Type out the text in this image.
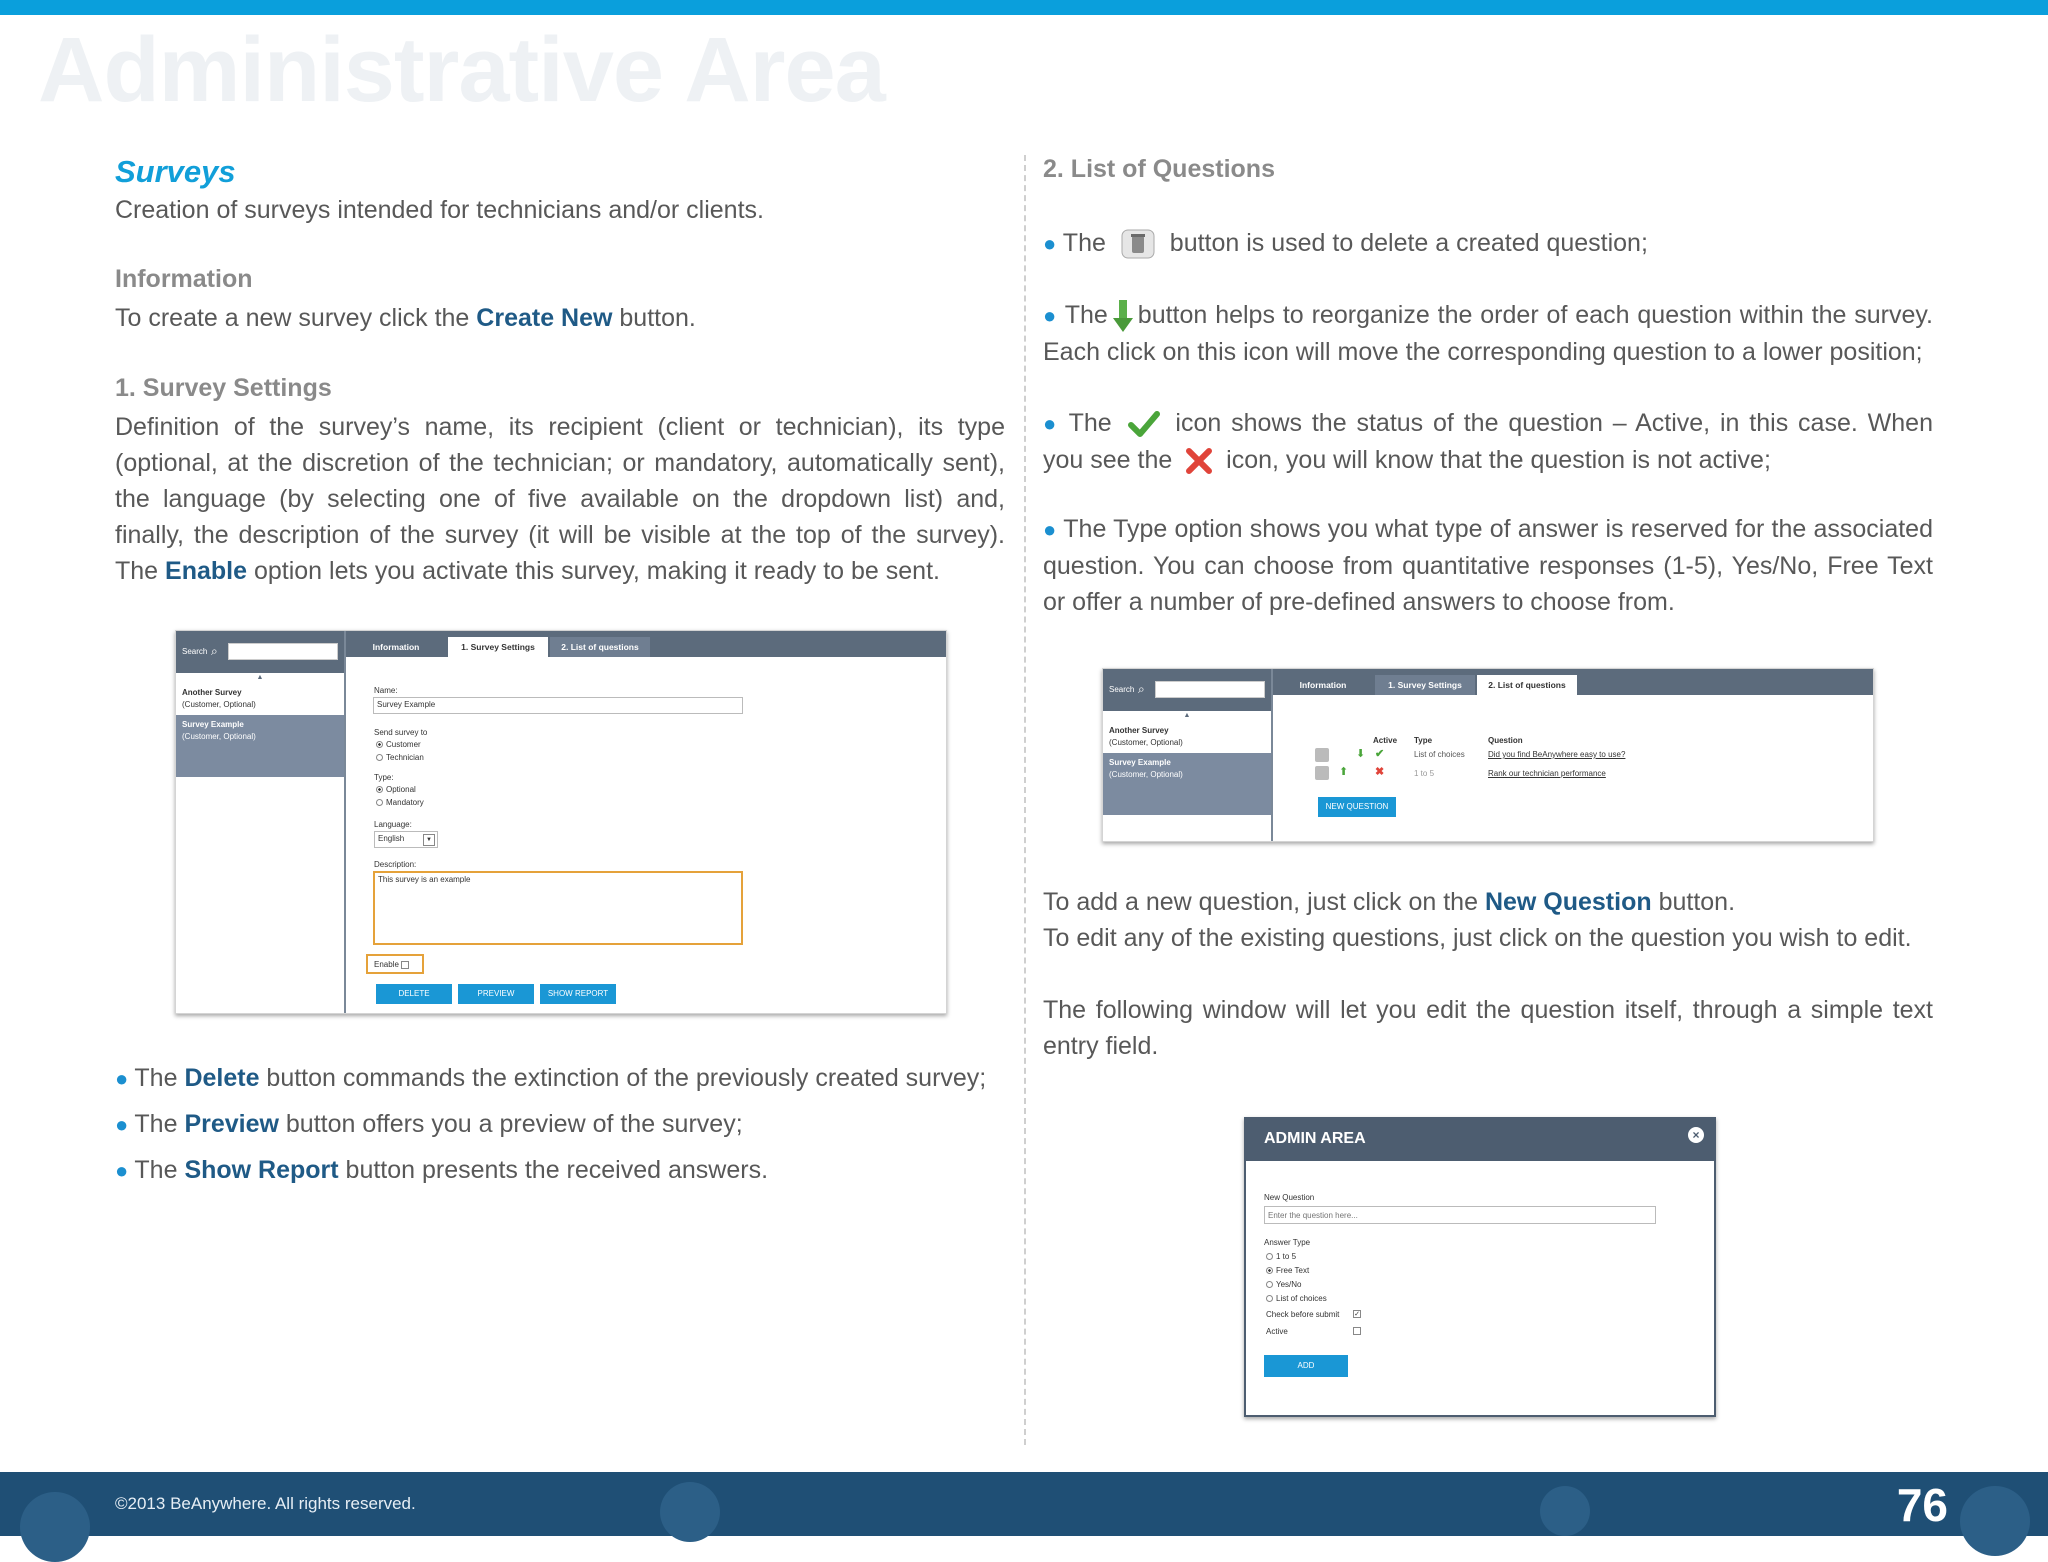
Administrative Area
Surveys

Creation of surveys intended for technicians and/or clients.

Information

To create a new survey click the Create New button.

1. Survey Settings

Definition of the survey’s name, its recipient (client or technician), its type (optional, at the discretion of the technician; or mandatory, automatically sent), the language (by selecting one of five available on the dropdown list) and, finally, the description of the survey (it will be visible at the top of the survey). The Enable option lets you activate this survey, making it ready to be sent.

Search ⌕
▲
Another Survey
(Customer, Optional)
Survey Example
(Customer, Optional)
Information	1. Survey Settings	2. List of questions
Name:
Survey Example
Send survey to
Customer
Technician
Type:
Optional
Mandatory
Language:
English	▼
Description:
This survey is an example
Enable
DELETE	PREVIEW	SHOW REPORT

● The Delete button commands the extinction of the previously created survey;

● The Preview button offers you a preview of the survey;

● The Show Report button presents the received answers.

2. List of Questions

● The	button is used to delete a created question;

● The button helps to reorganize the order of each question within the survey. Each click on this icon will move the corresponding question to a lower position;

● The	icon shows the status of the question – Active, in this case. When you see the icon, you will know that the question is not active;

● The Type option shows you what type of answer is reserved for the associated question. You can choose from quantitative responses (1-5), Yes/No, Free Text or offer a number of pre-defined answers to choose from.

Search ⌕
▲
Another Survey
(Customer, Optional)
Survey Example
(Customer, Optional)
Information	1. Survey Settings	2. List of questions
Active Type	Question
⬇ ✔	List of choices	Did you find BeAnywhere easy to use?
⬆ ✖	1 to 5	Rank our technician performance
NEW QUESTION

To add a new question, just click on the New Question button.

To edit any of the existing questions, just click on the question you wish to edit.

The following window will let you edit the question itself, through a simple text entry field.

ADMIN AREA	×
New Question
Enter the question here...
Answer Type
1 to 5
Free Text
Yes/No
List of choices
Check before submit ✓
Active
ADD
©2013 BeAnywhere. All rights reserved.	76
